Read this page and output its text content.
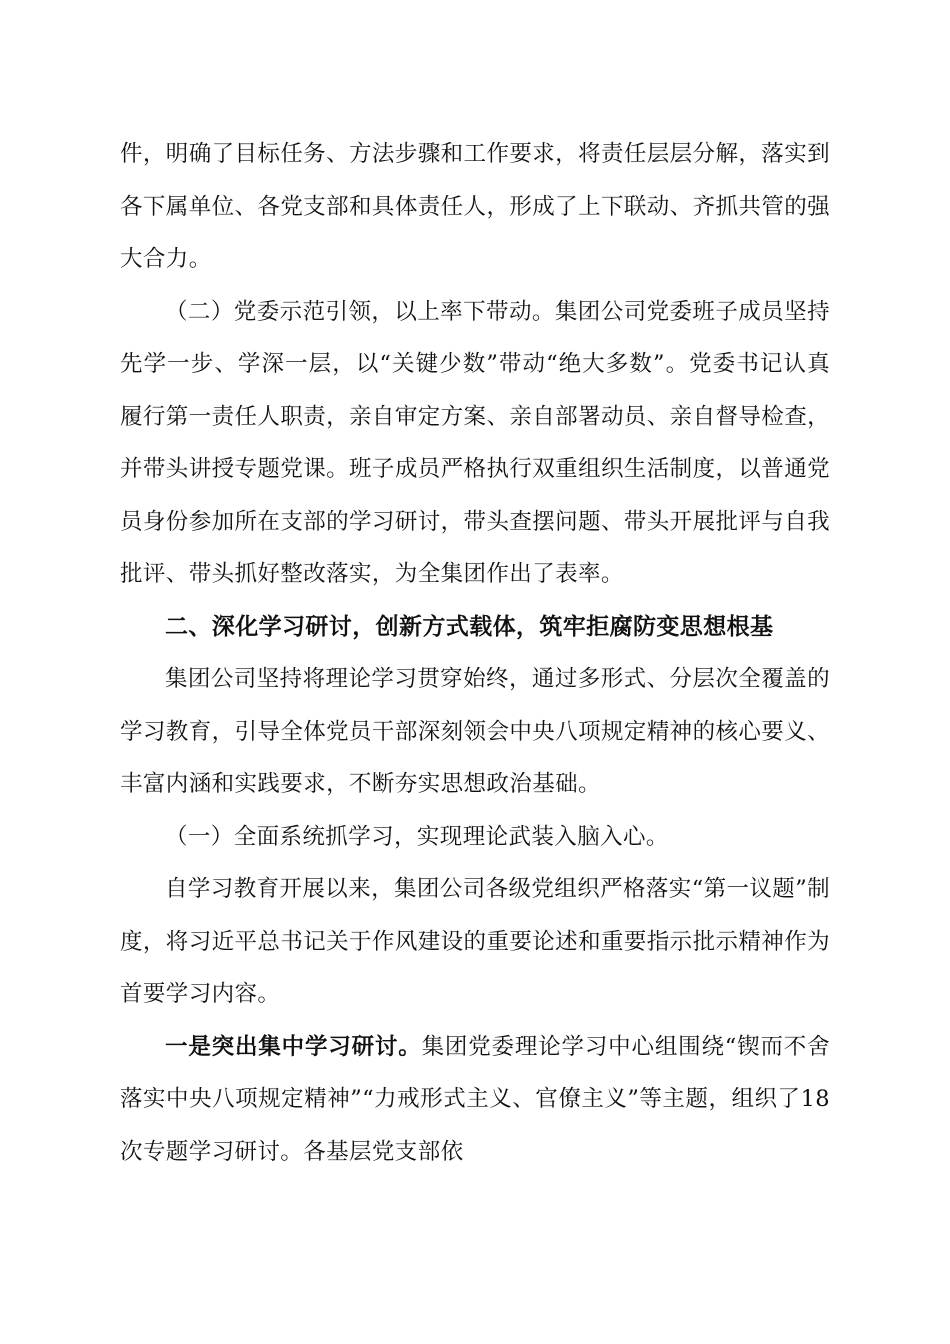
件，明确了目标任务、方法步骤和工作要求，将责任层层分解，落实到各下属单位、各党支部和具体责任人，形成了上下联动、齐抓共管的强大合力。

（二）党委示范引领，以上率下带动。集团公司党委班子成员坚持先学一步、学深一层，以“关键少数”带动“绝大多数”。党委书记认真履行第一责任人职责，亲自审定方案、亲自部署动员、亲自督导检查，并带头讲授专题党课。班子成员严格执行双重组织生活制度，以普通党员身份参加所在支部的学习研讨，带头查摆问题、带头开展批评与自我批评、带头抓好整改落实，为全集团作出了表率。

二、深化学习研讨，创新方式载体，筑牢拒腐防变思想根基

集团公司坚持将理论学习贯穿始终，通过多形式、分层次全覆盖的学习教育，引导全体党员干部深刻领会中央八项规定精神的核心要义、丰富内涵和实践要求，不断夯实思想政治基础。

（一）全面系统抓学习，实现理论武装入脑入心。

自学习教育开展以来，集团公司各级党组织严格落实“第一议题”制度，将习近平总书记关于作风建设的重要论述和重要指示批示精神作为首要学习内容。

一是突出集中学习研讨。集团党委理论学习中心组围绕“锲而不舍落实中央八项规定精神”“力戒形式主义、官僚主义”等主题，组织了18次专题学习研讨。各基层党支部依
